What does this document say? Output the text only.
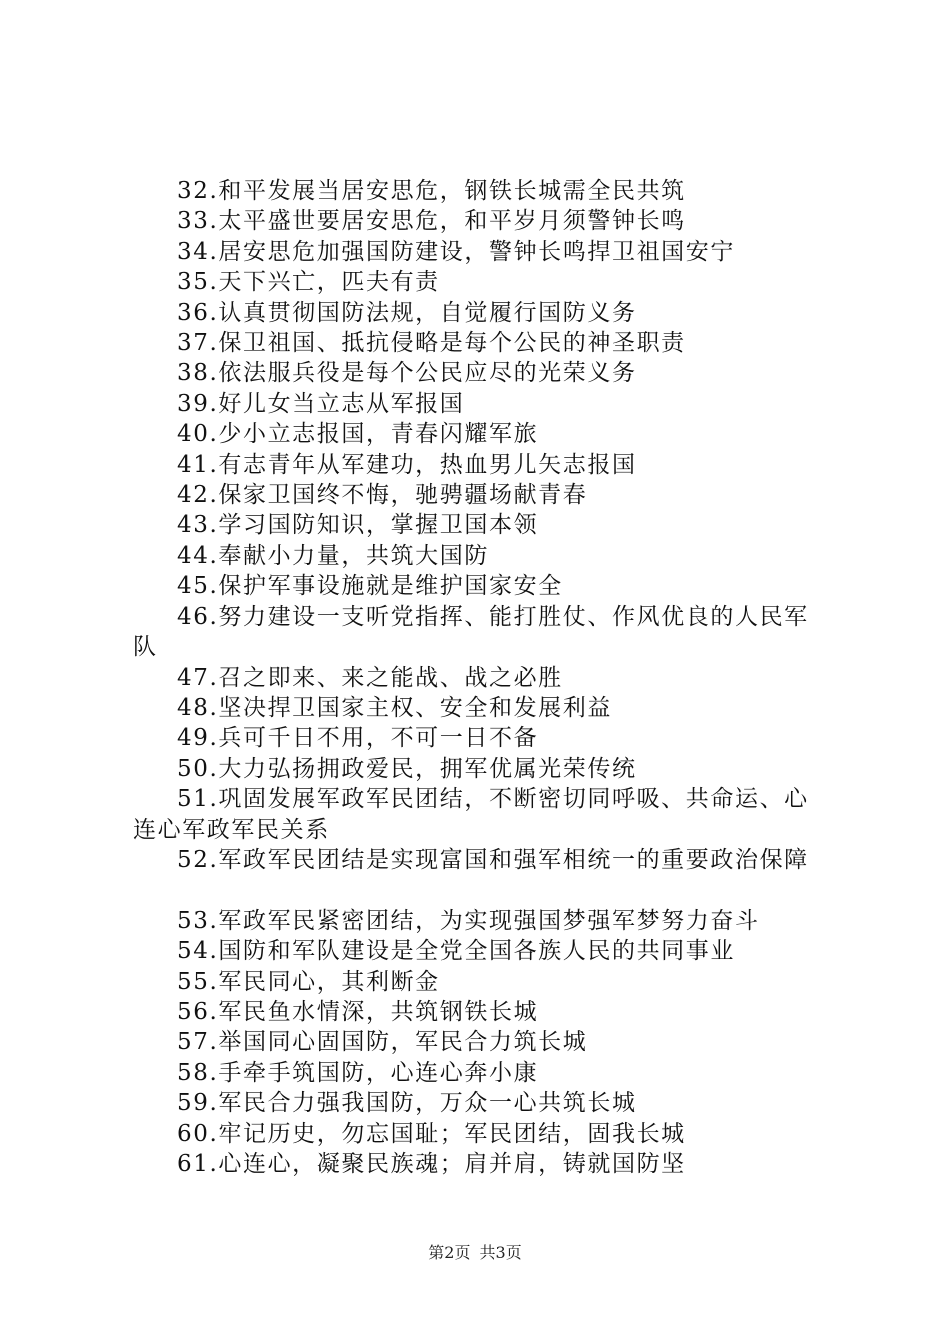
32.和平发展当居安思危，钢铁长城需全民共筑

33.太平盛世要居安思危，和平岁月须警钟长鸣

34.居安思危加强国防建设，警钟长鸣捍卫祖国安宁

35.天下兴亡，匹夫有责

36.认真贯彻国防法规，自觉履行国防义务

37.保卫祖国、抵抗侵略是每个公民的神圣职责

38.依法服兵役是每个公民应尽的光荣义务

39.好儿女当立志从军报国

40.少小立志报国，青春闪耀军旅

41.有志青年从军建功，热血男儿矢志报国

42.保家卫国终不悔，驰骋疆场献青春

43.学习国防知识，掌握卫国本领

44.奉献小力量，共筑大国防

45.保护军事设施就是维护国家安全

46.努力建设一支听党指挥、能打胜仗、作风优良的人民军队

47.召之即来、来之能战、战之必胜

48.坚决捍卫国家主权、安全和发展利益

49.兵可千日不用，不可一日不备

50.大力弘扬拥政爱民，拥军优属光荣传统

51.巩固发展军政军民团结，不断密切同呼吸、共命运、心连心军政军民关系

52.军政军民团结是实现富国和强军相统一的重要政治保障

53.军政军民紧密团结，为实现强国梦强军梦努力奋斗

54.国防和军队建设是全党全国各族人民的共同事业

55.军民同心，其利断金

56.军民鱼水情深，共筑钢铁长城

57.举国同心固国防，军民合力筑长城

58.手牵手筑国防，心连心奔小康

59.军民合力强我国防，万众一心共筑长城

60.牢记历史，勿忘国耻；军民团结，固我长城

61.心连心，凝聚民族魂；肩并肩，铸就国防坚

第2页 共3页
